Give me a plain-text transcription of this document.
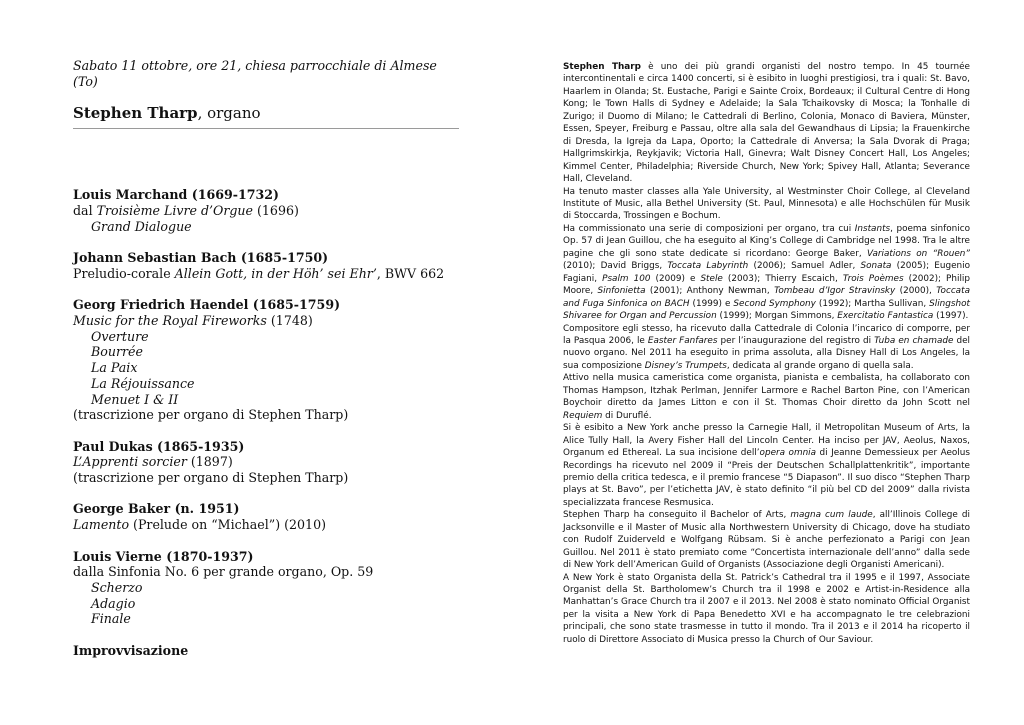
Sabato 11 ottobre, ore 21, chiesa parrocchiale di Almese (To)

Stephen Tharp, organo

Louis Marchand (1669-1732)

dal Troisième Livre d’Orgue (1696)

Grand Dialogue

Johann Sebastian Bach (1685-1750)

Preludio-corale Allein Gott, in der Höh’ sei Ehr’, BWV 662

Georg Friedrich Haendel (1685-1759)

Music for the Royal Fireworks (1748)

Overture

Bourrée

La Paix

La Réjouissance

Menuet I & II

(trascrizione per organo di Stephen Tharp)

Paul Dukas (1865-1935)

L’Apprenti sorcier (1897)

(trascrizione per organo di Stephen Tharp)

George Baker (n. 1951)

Lamento (Prelude on “Michael”) (2010)

Louis Vierne (1870-1937)

dalla Sinfonia No. 6 per grande organo, Op. 59

Scherzo

Adagio

Finale

Improvvisazione

Stephen Tharp è uno dei più grandi organisti del nostro tempo. In 45 tournée intercontinentali e circa 1400 concerti, si è esibito in luoghi prestigiosi, tra i quali: St. Bavo, Haarlem in Olanda; St. Eustache, Parigi e Sainte Croix, Bordeaux; il Cultural Centre di Hong Kong; le Town Halls di Sydney e Adelaide; la Sala Tchaikovsky di Mosca; la Tonhalle di Zurigo; il Duomo di Milano; le Cattedrali di Berlino, Colonia, Monaco di Baviera, Münster, Essen, Speyer, Freiburg e Passau, oltre alla sala del Gewandhaus di Lipsia; la Frauenkirche di Dresda, la Igreja da Lapa, Oporto; la Cattedrale di Anversa; la Sala Dvorak di Praga; Hallgrimskirkja, Reykjavik; Victoria Hall, Ginevra; Walt Disney Concert Hall, Los Angeles; Kimmel Center, Philadelphia; Riverside Church, New York; Spivey Hall, Atlanta; Severance Hall, Cleveland.

Ha tenuto master classes alla Yale University, al Westminster Choir College, al Cleveland Institute of Music, alla Bethel University (St. Paul, Minnesota) e alle Hochschülen für Musik di Stoccarda, Trossingen e Bochum.

Ha commissionato una serie di composizioni per organo, tra cui Instants, poema sinfonico Op. 57 di Jean Guillou, che ha eseguito al King’s College di Cambridge nel 1998. Tra le altre pagine che gli sono state dedicate si ricordano: George Baker, Variations on “Rouen” (2010); David Briggs, Toccata Labyrinth (2006); Samuel Adler, Sonata (2005); Eugenio Fagiani, Psalm 100 (2009) e Stele (2003); Thierry Escaich, Trois Poèmes (2002); Philip Moore, Sinfonietta (2001); Anthony Newman, Tombeau d’Igor Stravinsky (2000), Toccata and Fuga Sinfonica on BACH (1999) e Second Symphony (1992); Martha Sullivan, Slingshot Shivaree for Organ and Percussion (1999); Morgan Simmons, Exercitatio Fantastica (1997).

Compositore egli stesso, ha ricevuto dalla Cattedrale di Colonia l’incarico di comporre, per la Pasqua 2006, le Easter Fanfares per l’inaugurazione del registro di Tuba en chamade del nuovo organo. Nel 2011 ha eseguito in prima assoluta, alla Disney Hall di Los Angeles, la sua composizione Disney’s Trumpets, dedicata al grande organo di quella sala.

Attivo nella musica cameristica come organista, pianista e cembalista, ha collaborato con Thomas Hampson, Itzhak Perlman, Jennifer Larmore e Rachel Barton Pine, con l’American Boychoir diretto da James Litton e con il St. Thomas Choir diretto da John Scott nel Requiem di Duruflé.

Si è esibito a New York anche presso la Carnegie Hall, il Metropolitan Museum of Arts, la Alice Tully Hall, la Avery Fisher Hall del Lincoln Center. Ha inciso per JAV, Aeolus, Naxos, Organum ed Ethereal. La sua incisione dell’opera omnia di Jeanne Demessieux per Aeolus Recordings ha ricevuto nel 2009 il “Preis der Deutschen Schallplattenkritik”, importante premio della critica tedesca, e il premio francese “5 Diapason”. Il suo disco “Stephen Tharp plays at St. Bavo”, per l’etichetta JAV, è stato definito “il più bel CD del 2009” dalla rivista specializzata francese Resmusica.

Stephen Tharp ha conseguito il Bachelor of Arts, magna cum laude, all’Illinois College di Jacksonville e il Master of Music alla Northwestern University di Chicago, dove ha studiato con Rudolf Zuiderveld e Wolfgang Rübsam. Si è anche perfezionato a Parigi con Jean Guillou. Nel 2011 è stato premiato come “Concertista internazionale dell’anno” dalla sede di New York dell’American Guild of Organists (Associazione degli Organisti Americani).

A New York è stato Organista della St. Patrick’s Cathedral tra il 1995 e il 1997, Associate Organist della St. Bartholomew’s Church tra il 1998 e 2002 e Artist-in-Residence alla Manhattan’s Grace Church tra il 2007 e il 2013. Nel 2008 è stato nominato Official Organist per la visita a New York di Papa Benedetto XVI e ha accompagnato le tre celebrazioni principali, che sono state trasmesse in tutto il mondo. Tra il 2013 e il 2014 ha ricoperto il ruolo di Direttore Associato di Musica presso la Church of Our Saviour.
